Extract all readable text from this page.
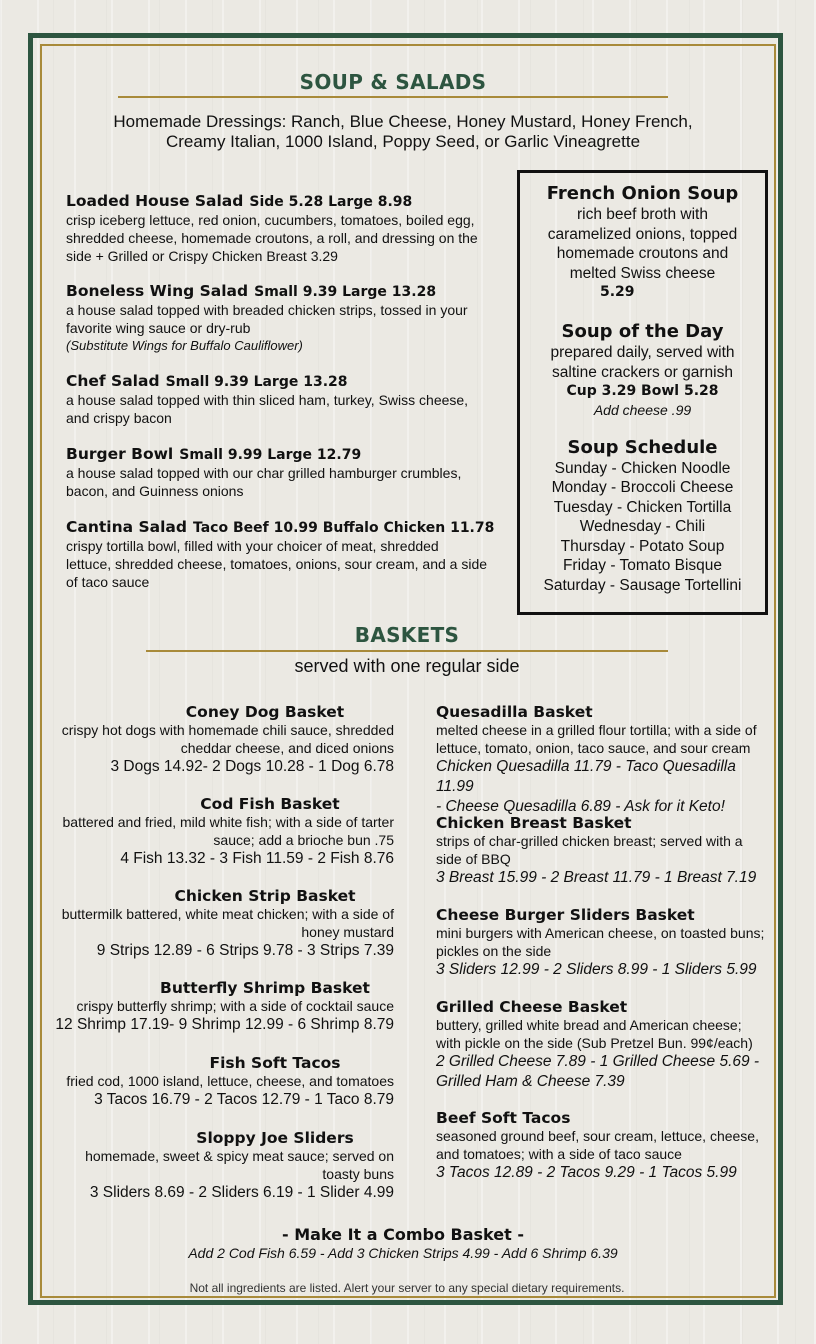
SOUP & SALADS
Homemade Dressings: Ranch, Blue Cheese, Honey Mustard, Honey French,
Creamy Italian, 1000 Island, Poppy Seed, or Garlic Vineagrette
Loaded House Salad Side 5.28 Large 8.98
crisp iceberg lettuce, red onion, cucumbers, tomatoes, boiled egg,
shredded cheese, homemade croutons, a roll, and dressing on the
side + Grilled or Crispy Chicken Breast 3.29
Boneless Wing Salad Small 9.39 Large 13.28
a house salad topped with breaded chicken strips, tossed in your
favorite wing sauce or dry-rub
(Substitute Wings for Buffalo Cauliflower)
Chef Salad Small 9.39 Large 13.28
a house salad topped with thin sliced ham, turkey, Swiss cheese,
and crispy bacon
Burger Bowl Small 9.99 Large 12.79
a house salad topped with our char grilled hamburger crumbles,
bacon, and Guinness onions
Cantina Salad Taco Beef 10.99 Buffalo Chicken 11.78
crispy tortilla bowl, filled with your choicer of meat, shredded
lettuce, shredded cheese, tomatoes, onions, sour cream, and a side
of taco sauce
French Onion Soup
rich beef broth with
caramelized onions, topped
homemade croutons and
melted Swiss cheese
5.29
Soup of the Day
prepared daily, served with
saltine crackers or garnish
Cup 3.29 Bowl 5.28
Add cheese .99
Soup Schedule
Sunday - Chicken Noodle
Monday - Broccoli Cheese
Tuesday - Chicken Tortilla
Wednesday - Chili
Thursday - Potato Soup
Friday - Tomato Bisque
Saturday - Sausage Tortellini
BASKETS
served with one regular side
Coney Dog Basket
crispy hot dogs with homemade chili sauce, shredded
cheddar cheese, and diced onions
3 Dogs 14.92- 2 Dogs 10.28 - 1 Dog 6.78
Cod Fish Basket
battered and fried, mild white fish; with a side of tarter
sauce; add a brioche bun .75
4 Fish 13.32 - 3 Fish 11.59 - 2 Fish 8.76
Chicken Strip Basket
buttermilk battered, white meat chicken; with a side of
honey mustard
9 Strips 12.89 - 6 Strips 9.78 - 3 Strips 7.39
Butterfly Shrimp Basket
crispy butterfly shrimp; with a side of cocktail sauce
12 Shrimp 17.19- 9 Shrimp 12.99 - 6 Shrimp 8.79
Fish Soft Tacos
fried cod, 1000 island, lettuce, cheese, and tomatoes
3 Tacos 16.79 - 2 Tacos 12.79 - 1 Taco 8.79
Sloppy Joe Sliders
homemade, sweet & spicy meat sauce; served on
toasty buns
3 Sliders 8.69 - 2 Sliders 6.19 - 1 Slider 4.99
Quesadilla Basket
melted cheese in a grilled flour tortilla; with a side of
lettuce, tomato, onion, taco sauce, and sour cream
Chicken Quesadilla 11.79 - Taco Quesadilla 11.99
- Cheese Quesadilla 6.89 - Ask for it Keto!
Chicken Breast Basket
strips of char-grilled chicken breast; served with a
side of BBQ
3 Breast 15.99 - 2 Breast 11.79 - 1 Breast 7.19
Cheese Burger Sliders Basket
mini burgers with American cheese, on toasted buns;
pickles on the side
3 Sliders 12.99 - 2 Sliders 8.99 - 1 Sliders 5.99
Grilled Cheese Basket
buttery, grilled white bread and American cheese;
with pickle on the side (Sub Pretzel Bun. 99¢/each)
2 Grilled Cheese 7.89 - 1 Grilled Cheese 5.69 -
Grilled Ham & Cheese 7.39
Beef Soft Tacos
seasoned ground beef, sour cream, lettuce, cheese,
and tomatoes; with a side of taco sauce
3 Tacos 12.89 - 2 Tacos 9.29 - 1 Tacos 5.99
- Make It a Combo Basket -
Add 2 Cod Fish 6.59 - Add 3 Chicken Strips 4.99 - Add 6 Shrimp 6.39
Not all ingredients are listed. Alert your server to any special dietary requirements.
